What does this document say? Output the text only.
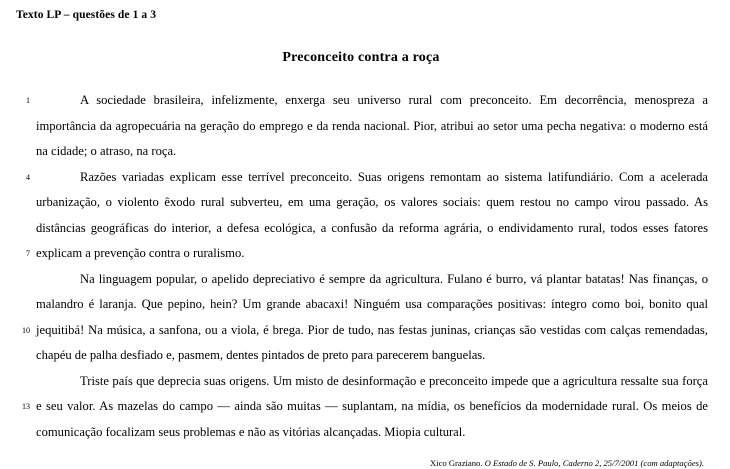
Texto LP – questões de 1 a 3
Preconceito contra a roça

1	A sociedade brasileira, infelizmente, enxerga seu universo rural com preconceito. Em decorrência, menospreza a importância da agropecuária na geração do emprego e da renda nacional. Pior, atribui ao setor uma pecha negativa: o moderno está na cidade; o atraso, na roça.

4
7
Razões variadas explicam esse terrível preconceito. Suas origens remontam ao sistema latifundiário. Com a acelerada urbanização, o violento êxodo rural subverteu, em uma geração, os valores sociais: quem restou no campo virou passado. As distâncias geográficas do interior, a defesa ecológica, a confusão da reforma agrária, o endividamento rural, todos esses fatores explicam a prevenção contra o ruralismo.

10
Na linguagem popular, o apelido depreciativo é sempre da agricultura. Fulano é burro, vá plantar batatas! Nas finanças, o malandro é laranja. Que pepino, hein? Um grande abacaxi! Ninguém usa comparações positivas: íntegro como boi, bonito qual jequitibá! Na música, a sanfona, ou a viola, é brega. Pior de tudo, nas festas juninas, crianças são vestidas com calças remendadas, chapéu de palha desfiado e, pasmem, dentes pintados de preto para parecerem banguelas.

13
Triste país que deprecia suas origens. Um misto de desinformação e preconceito impede que a agricultura ressalte sua força e seu valor. As mazelas do campo — ainda são muitas — suplantam, na mídia, os benefícios da modernidade rural. Os meios de comunicação focalizam seus problemas e não as vitórias alcançadas. Miopia cultural.

Xico Graziano. O Estado de S. Paulo, Caderno 2, 25/7/2001 (com adaptações).
